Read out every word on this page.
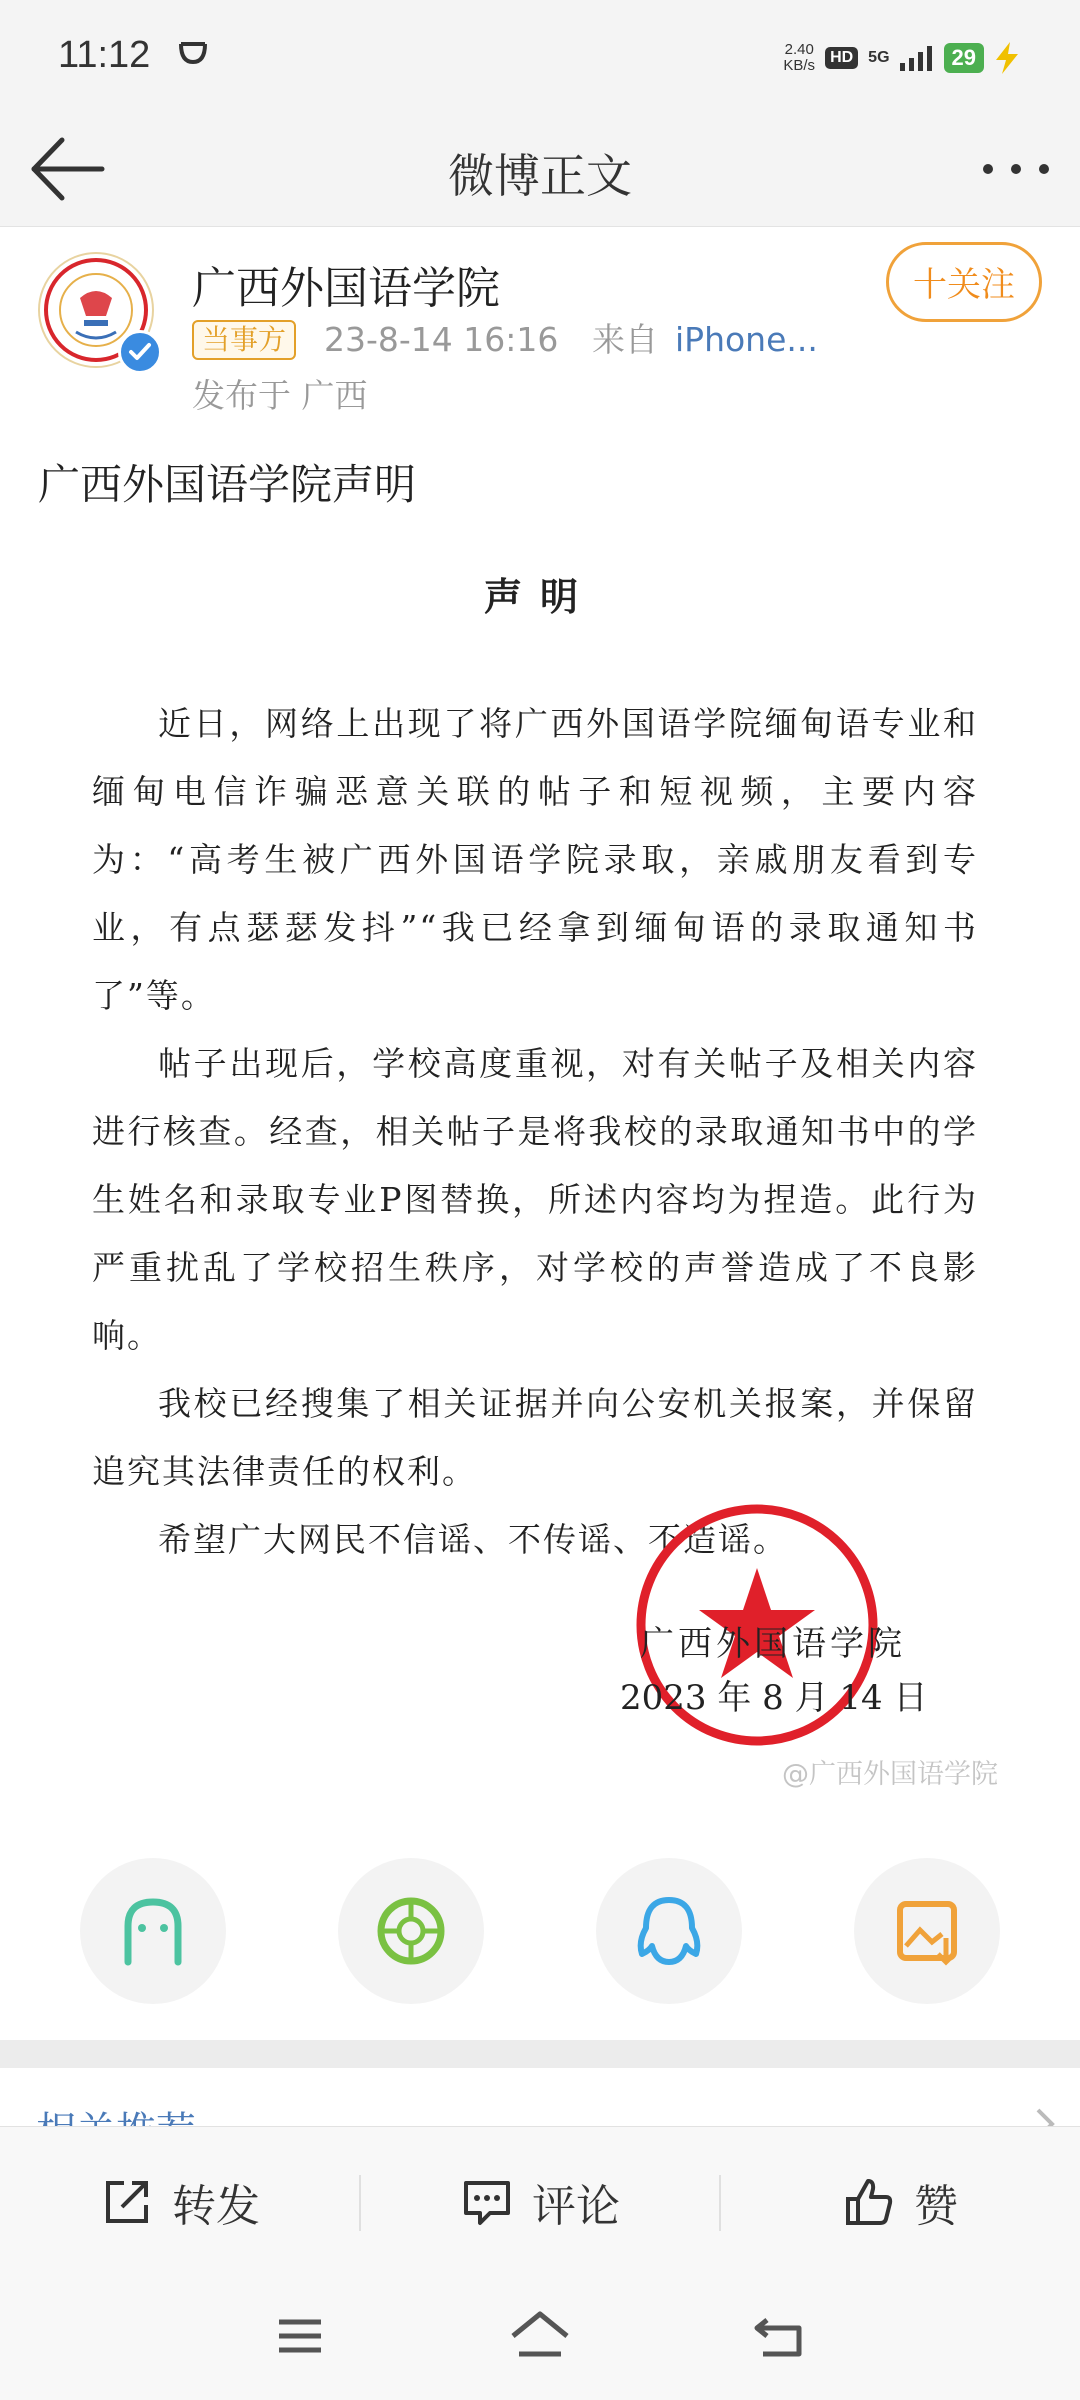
11:12	2.40
KB/s HD 5G	29
微博正文
广西外国语学院
当事方	23-8-14 16:16 来自 iPhone...
发布于 广西
十关注
广西外国语学院声明
声明

近日，网络上出现了将广西外国语学院缅甸语专业和缅甸电信诈骗恶意关联的帖子和短视频，主要内容为：“高考生被广西外国语学院录取，亲戚朋友看到专业，有点瑟瑟发抖”“我已经拿到缅甸语的录取通知书了”等。

帖子出现后，学校高度重视，对有关帖子及相关内容进行核查。经查，相关帖子是将我校的录取通知书中的学生姓名和录取专业P图替换，所述内容均为捏造。此行为严重扰乱了学校招生秩序，对学校的声誉造成了不良影响。

我校已经搜集了相关证据并向公安机关报案，并保留追究其法律责任的权利。

希望广大网民不信谣、不传谣、不造谣。

广西外国语学院
2023 年 8 月 14 日
@广西外国语学院
转发	评论	赞
